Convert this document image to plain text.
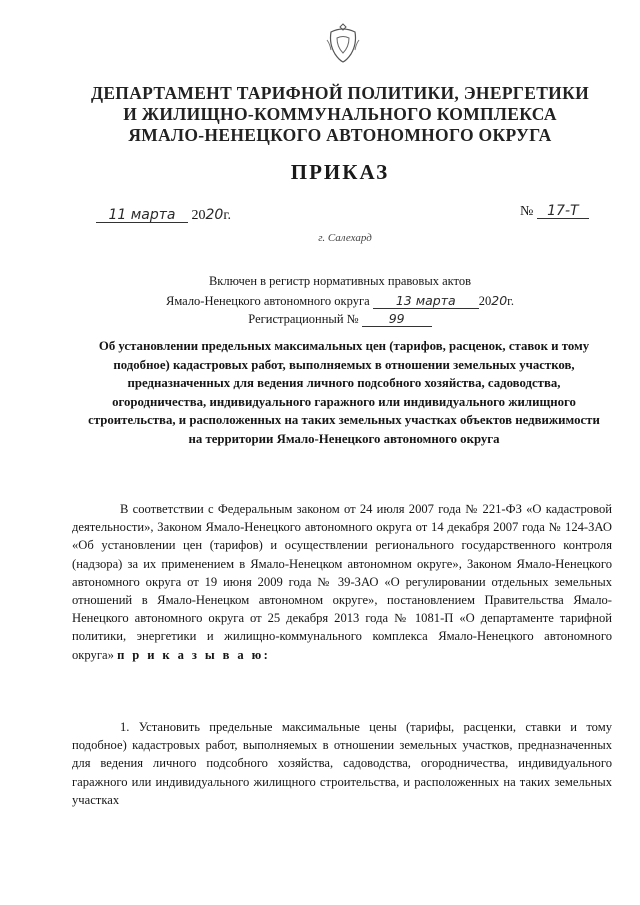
ДЕПАРТАМЕНТ ТАРИФНОЙ ПОЛИТИКИ, ЭНЕРГЕТИКИ
И ЖИЛИЩНО-КОММУНАЛЬНОГО КОМПЛЕКСА
ЯМАЛО-НЕНЕЦКОГО АВТОНОМНОГО ОКРУГА
ПРИКАЗ
11 марта 2020г.	№ 17-Т
г. Салехард
Включен в регистр нормативных правовых актов
Ямало-Ненецкого автономного округа 13 марта 2020г.
Регистрационный № 99
Об установлении предельных максимальных цен (тарифов, расценок, ставок и тому подобное) кадастровых работ, выполняемых в отношении земельных участков, предназначенных для ведения личного подсобного хозяйства, садоводства, огородничества, индивидуального гаражного или индивидуального жилищного строительства, и расположенных на таких земельных участках объектов недвижимости на территории Ямало-Ненецкого автономного округа

В соответствии с Федеральным законом от 24 июля 2007 года № 221-ФЗ «О кадастровой деятельности», Законом Ямало-Ненецкого автономного округа от 14 декабря 2007 года № 124-ЗАО «Об установлении цен (тарифов) и осуществлении регионального государственного контроля (надзора) за их применением в Ямало-Ненецком автономном округе», Законом Ямало-Ненецкого автономного округа от 19 июня 2009 года № 39-ЗАО «О регулировании отдельных земельных отношений в Ямало-Ненецком автономном округе», постановлением Правительства Ямало-Ненецкого автономного округа от 25 декабря 2013 года № 1081-П «О департаменте тарифной политики, энергетики и жилищно-коммунального комплекса Ямало-Ненецкого автономного округа» п р и к а з ы в а ю:

1. Установить предельные максимальные цены (тарифы, расценки, ставки и тому подобное) кадастровых работ, выполняемых в отношении земельных участков, предназначенных для ведения личного подсобного хозяйства, садоводства, огородничества, индивидуального гаражного или индивидуального жилищного строительства, и расположенных на таких земельных участках
